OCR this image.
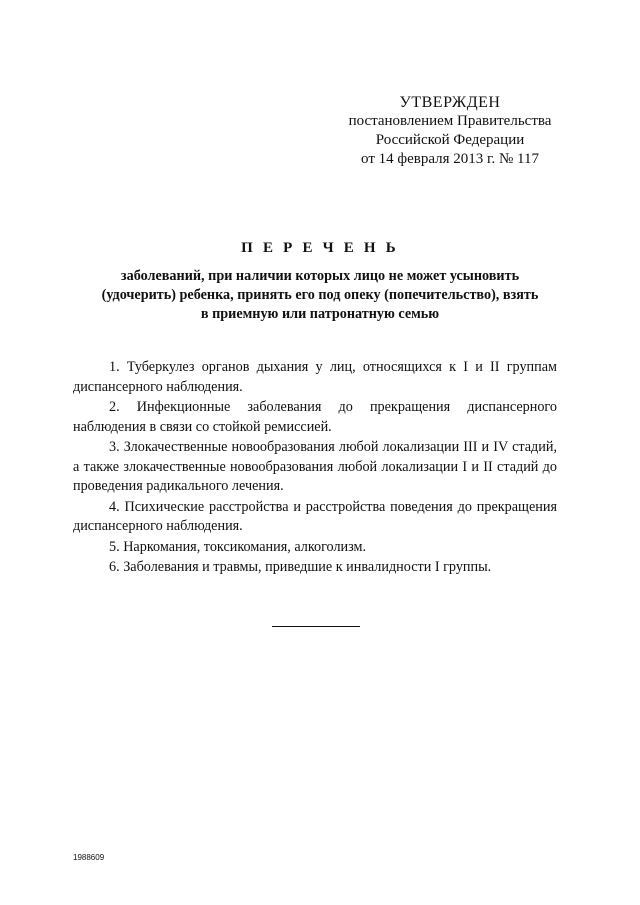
УТВЕРЖДЕН
постановлением Правительства
Российской Федерации
от 14 февраля 2013 г. № 117
П Е Р Е Ч Е Н Ь
заболеваний, при наличии которых лицо не может усыновить
(удочерить) ребенка, принять его под опеку (попечительство), взять
в приемную или патронатную семью

1. Туберкулез органов дыхания у лиц, относящихся к I и II группам диспансерного наблюдения.

2. Инфекционные заболевания до прекращения диспансерного наблюдения в связи со стойкой ремиссией.

3. Злокачественные новообразования любой локализации III и IV стадий, а также злокачественные новообразования любой локализации I и II стадий до проведения радикального лечения.

4. Психические расстройства и расстройства поведения до прекращения диспансерного наблюдения.

5. Наркомания, токсикомания, алкоголизм.

6. Заболевания и травмы, приведшие к инвалидности I группы.

1988609
